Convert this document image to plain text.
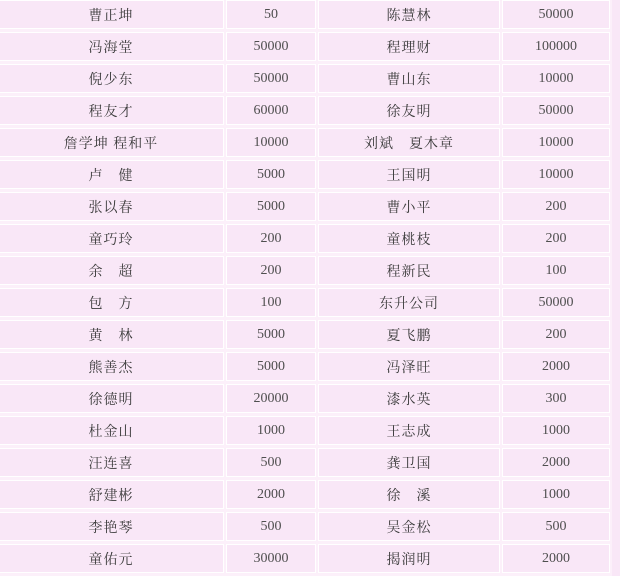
曹正坤	50	陈慧林	50000
冯海堂	50000	程理财	100000
倪少东	50000	曹山东	10000
程友才	60000	徐友明	50000
詹学坤 程和平	10000	刘斌　夏木章	10000
卢　健	5000	王国明	10000
张以春	5000	曹小平	200
童巧玲	200	童桃枝	200
余　超	200	程新民	100
包　方	100	东升公司	50000
黄　林	5000	夏飞鹏	200
熊善杰	5000	冯泽旺	2000
徐德明	20000	漆水英	300
杜金山	1000	王志成	1000
汪连喜	500	龚卫国	2000
舒建彬	2000	徐　溪	1000
李艳琴	500	吴金松	500
童佑元	30000	揭润明	2000
